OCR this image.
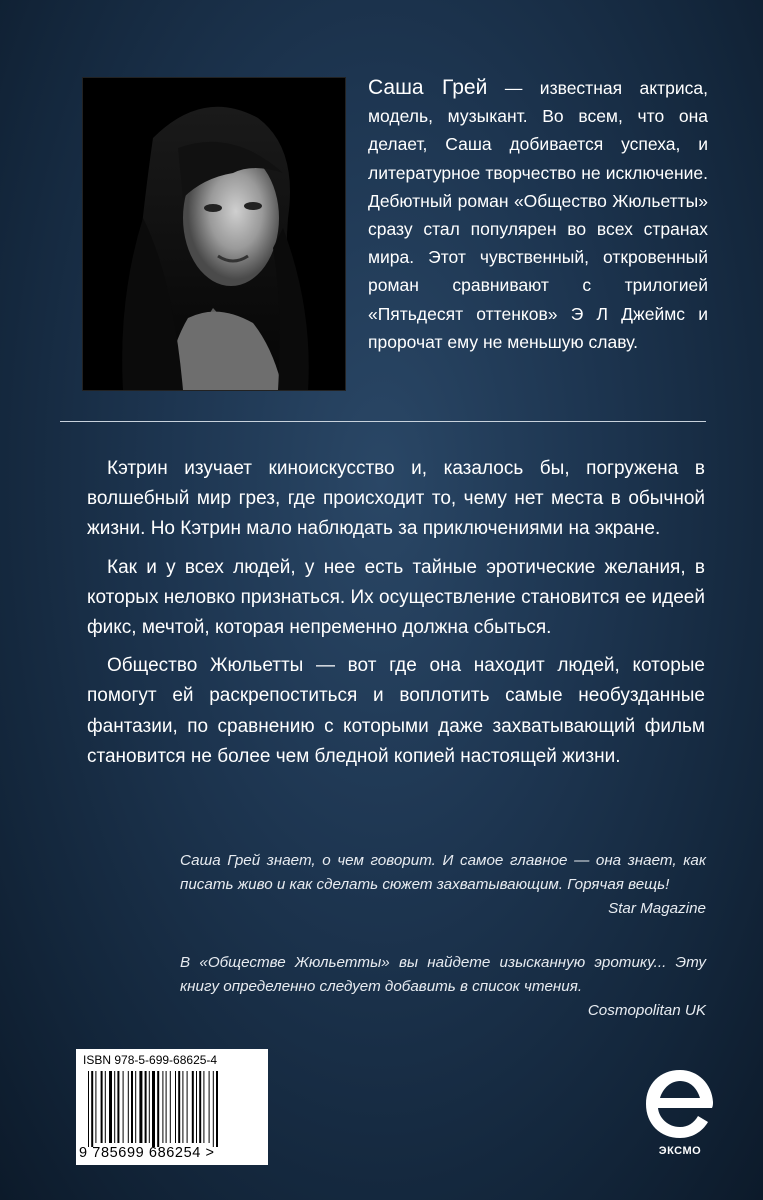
Саша Грей — известная актриса, модель, музыкант. Во всем, что она делает, Саша добивается успеха, и литературное творчество не исключение. Дебютный роман «Общество Жюльетты» сразу стал популярен во всех странах мира. Этот чувственный, откровенный роман сравнивают с трилогией «Пятьдесят оттенков» Э Л Джеймс и пророчат ему не меньшую славу.

Кэтрин изучает киноискусство и, казалось бы, погружена в волшебный мир грез, где происходит то, чему нет места в обычной жизни. Но Кэтрин мало наблюдать за приключениями на экране.

Как и у всех людей, у нее есть тайные эротические желания, в которых неловко признаться. Их осуществление становится ее идеей фикс, мечтой, которая непременно должна сбыться.

Общество Жюльетты — вот где она находит людей, которые помогут ей раскрепоститься и воплотить самые необузданные фантазии, по сравнению с которыми даже захватывающий фильм становится не более чем бледной копией настоящей жизни.

Саша Грей знает, о чем говорит. И самое главное — она знает, как писать живо и как сделать сюжет захватывающим. Горячая вещь!
Star Magazine
В «Обществе Жюльетты» вы найдете изысканную эротику... Эту книгу определенно следует добавить в список чтения.
Cosmopolitan UK
ISBN 978-5-699-68625-4
9 785699 686254 >	ЭКСМО
